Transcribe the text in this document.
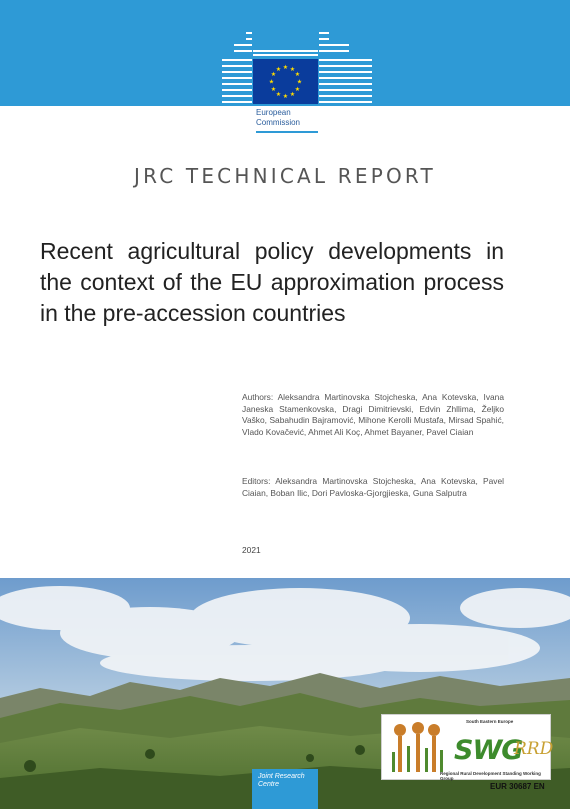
★ ★
★
★
★
★
★
★
★
★
★
★
European
Commission
JRC TECHNICAL REPORT
Recent agricultural policy developments in the context of the EU approximation process in the pre-accession countries
Authors: Aleksandra Martinovska Stojcheska, Ana Kotevska, Ivana Janeska Stamenkovska, Dragi Dimitrievski, Edvin Zhllima, Željko Vaško, Sabahudin Bajramović, Mihone Kerolli Mustafa, Mirsad Spahić, Vlado Kovačević, Ahmet Ali Koç, Ahmet Bayaner, Pavel Ciaian
Editors: Aleksandra Martinovska Stojcheska, Ana Kotevska, Pavel Ciaian, Boban Ilic, Dori Pavloska-Gjorgjieska, Guna Salputra
2021
Joint Research Centre
South Eastern Europe
SWG
RRD
Regional Rural Development Standing Working Group
EUR 30687 EN
